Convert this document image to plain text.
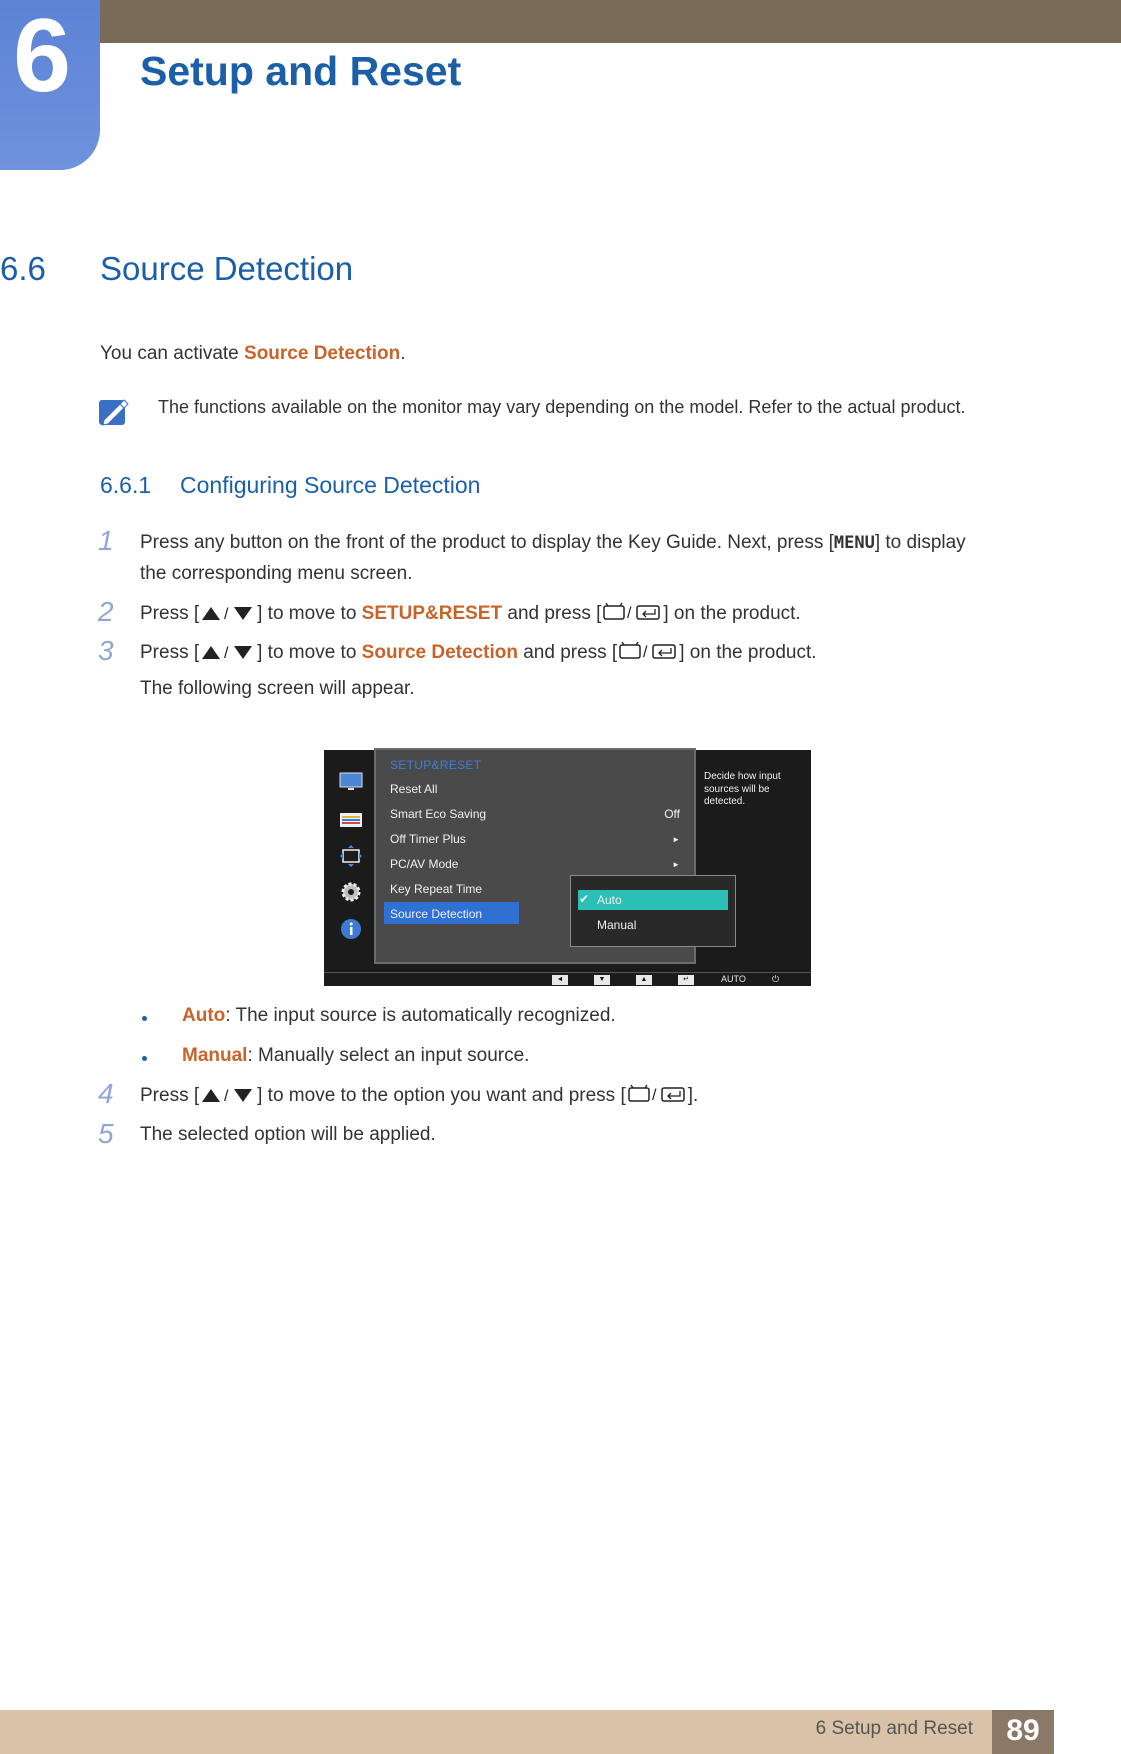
6 Setup and Reset
6.6 Source Detection
You can activate Source Detection.
The functions available on the monitor may vary depending on the model. Refer to the actual product.
6.6.1 Configuring Source Detection
1 Press any button on the front of the product to display the Key Guide. Next, press [MENU] to display
the corresponding menu screen.
2 Press [ / ] to move to SETUP&RESET and press [ / ] on the product.
3 Press [ / ] to move to Source Detection and press [ / ] on the product.
The following screen will appear.
SETUP&RESET
Reset All
Smart Eco Saving	Off
Off Timer Plus	►
PC/AV Mode	►
Key Repeat Time
Source Detection
✔ Auto
Manual
Decide how input sources will be detected.
◄	▼	▲	↵	AUTO	⏻
Auto: The input source is automatically recognized.
Manual: Manually select an input source.
4 Press [ / ] to move to the option you want and press [ / ].
5 The selected option will be applied.
6 Setup and Reset	89
